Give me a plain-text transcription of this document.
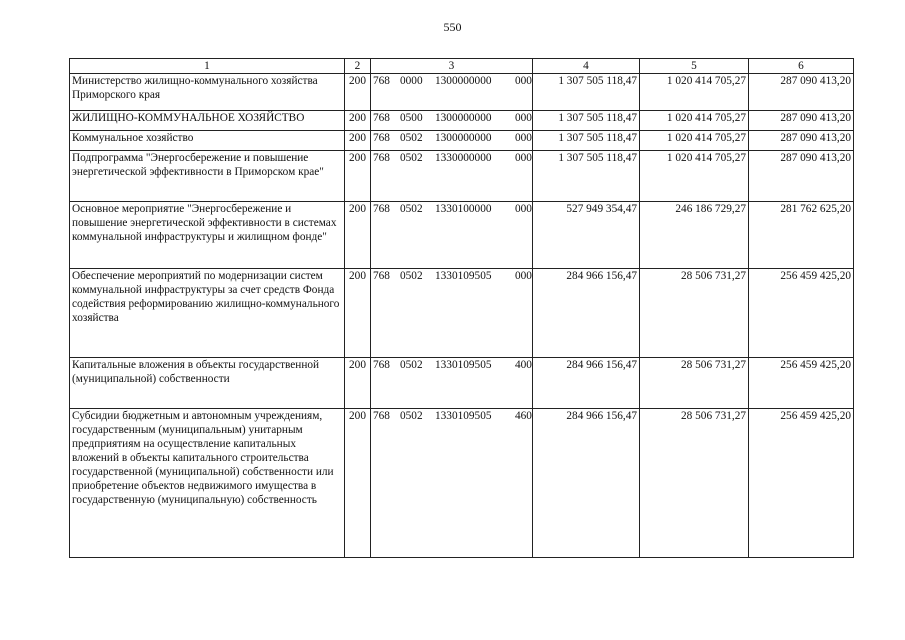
550
1	2	3	4	5	6
Министерство жилищно-коммунального хозяйства Приморского края	200	768 0000 1300000000 000	1 307 505 118,47	1 020 414 705,27	287 090 413,20
ЖИЛИЩНО-КОММУНАЛЬНОЕ ХОЗЯЙСТВО	200	768 0500 1300000000 000	1 307 505 118,47	1 020 414 705,27	287 090 413,20
Коммунальное хозяйство	200	768 0502 1300000000 000	1 307 505 118,47	1 020 414 705,27	287 090 413,20
Подпрограмма "Энергосбережение и повышение энергетической эффективности в Приморском крае"	200	768 0502 1330000000 000	1 307 505 118,47	1 020 414 705,27	287 090 413,20
Основное мероприятие "Энергосбережение и повышение энергетической эффективности в системах коммунальной инфраструктуры и жилищном фонде"	200	768 0502 1330100000 000	527 949 354,47	246 186 729,27	281 762 625,20
Обеспечение мероприятий по модернизации систем коммунальной инфраструктуры за счет средств Фонда содействия реформированию жилищно-коммунального хозяйства	200	768 0502 1330109505 000	284 966 156,47	28 506 731,27	256 459 425,20
Капитальные вложения в объекты государственной (муниципальной) собственности	200	768 0502 1330109505 400	284 966 156,47	28 506 731,27	256 459 425,20
Субсидии бюджетным и автономным учреждениям, государственным (муниципальным) унитарным предприятиям на осуществление капитальных вложений в объекты капитального строительства государственной (муниципальной) собственности или приобретение объектов недвижимого имущества в государственную (муниципальную) собственность	200	768 0502 1330109505 460	284 966 156,47	28 506 731,27	256 459 425,20
